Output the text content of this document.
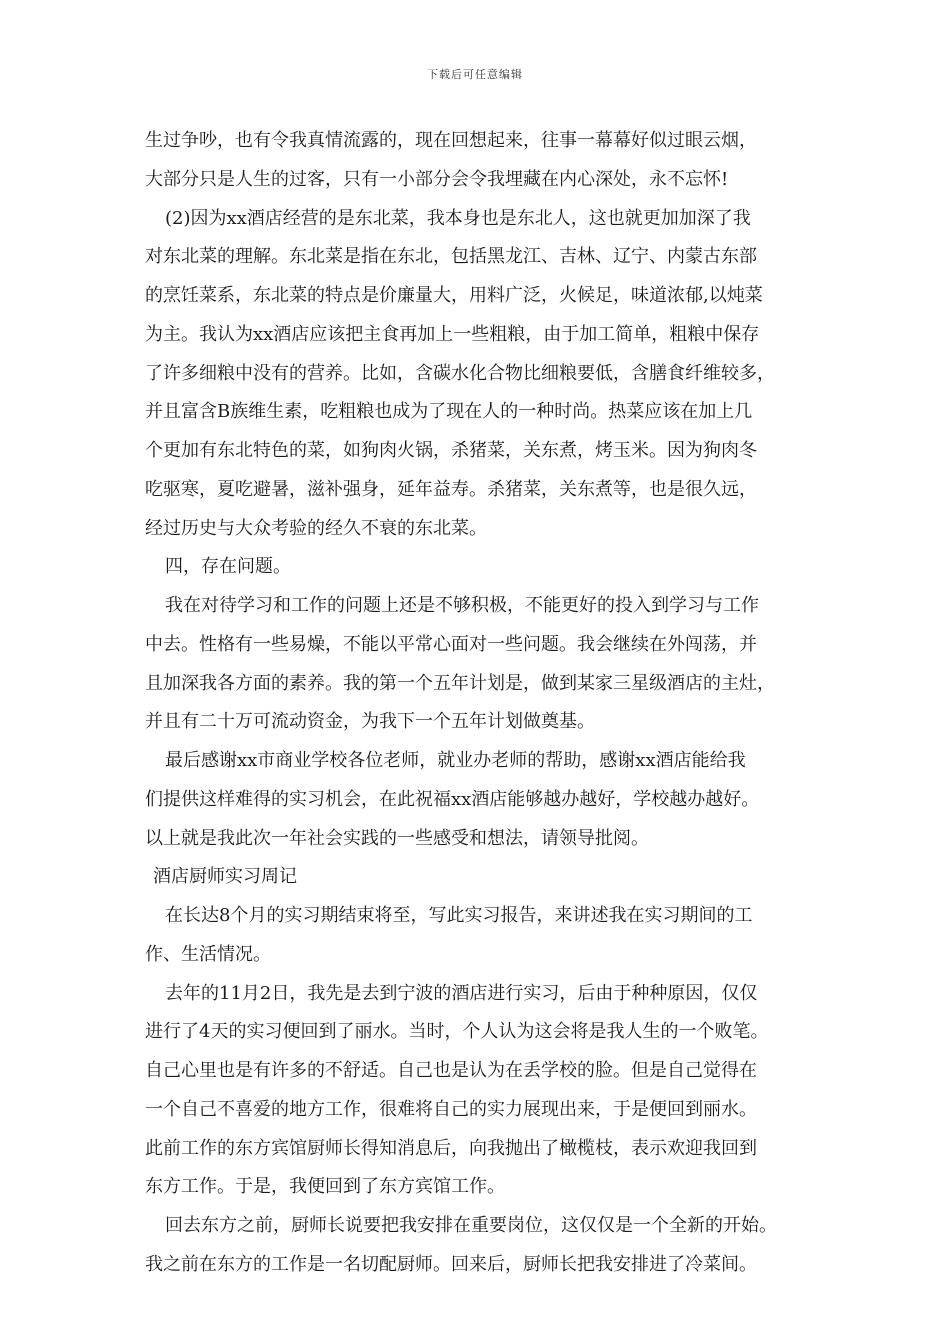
下载后可任意编辑
生过争吵，也有令我真情流露的，现在回想起来，往事一幕幕好似过眼云烟，
大部分只是人生的过客，只有一小部分会令我埋藏在内心深处，永不忘怀!
(2)因为xx酒店经营的是东北菜，我本身也是东北人，这也就更加加深了我
对东北菜的理解。东北菜是指在东北，包括黑龙江、吉林、辽宁、内蒙古东部
的烹饪菜系，东北菜的特点是价廉量大，用料广泛，火候足，味道浓郁,以炖菜
为主。我认为xx酒店应该把主食再加上一些粗粮，由于加工简单，粗粮中保存
了许多细粮中没有的营养。比如，含碳水化合物比细粮要低，含膳食纤维较多，
并且富含B族维生素，吃粗粮也成为了现在人的一种时尚。热菜应该在加上几
个更加有东北特色的菜，如狗肉火锅，杀猪菜，关东煮，烤玉米。因为狗肉冬
吃驱寒，夏吃避暑，滋补强身，延年益寿。杀猪菜，关东煮等，也是很久远，
经过历史与大众考验的经久不衰的东北菜。
四，存在问题。
我在对待学习和工作的问题上还是不够积极，不能更好的投入到学习与工作
中去。性格有一些易燥，不能以平常心面对一些问题。我会继续在外闯荡，并
且加深我各方面的素养。我的第一个五年计划是，做到某家三星级酒店的主灶，
并且有二十万可流动资金，为我下一个五年计划做奠基。
最后感谢xx市商业学校各位老师，就业办老师的帮助，感谢xx酒店能给我
们提供这样难得的实习机会，在此祝福xx酒店能够越办越好，学校越办越好。
以上就是我此次一年社会实践的一些感受和想法，请领导批阅。
酒店厨师实习周记
在长达8个月的实习期结束将至，写此实习报告，来讲述我在实习期间的工
作、生活情况。
去年的11月2日，我先是去到宁波的酒店进行实习，后由于种种原因，仅仅
进行了4天的实习便回到了丽水。当时，个人认为这会将是我人生的一个败笔。
自己心里也是有许多的不舒适。自己也是认为在丢学校的脸。但是自己觉得在
一个自己不喜爱的地方工作，很难将自己的实力展现出来，于是便回到丽水。
此前工作的东方宾馆厨师长得知消息后，向我抛出了橄榄枝，表示欢迎我回到
东方工作。于是，我便回到了东方宾馆工作。
回去东方之前，厨师长说要把我安排在重要岗位，这仅仅是一个全新的开始。
我之前在东方的工作是一名切配厨师。回来后，厨师长把我安排进了冷菜间。
